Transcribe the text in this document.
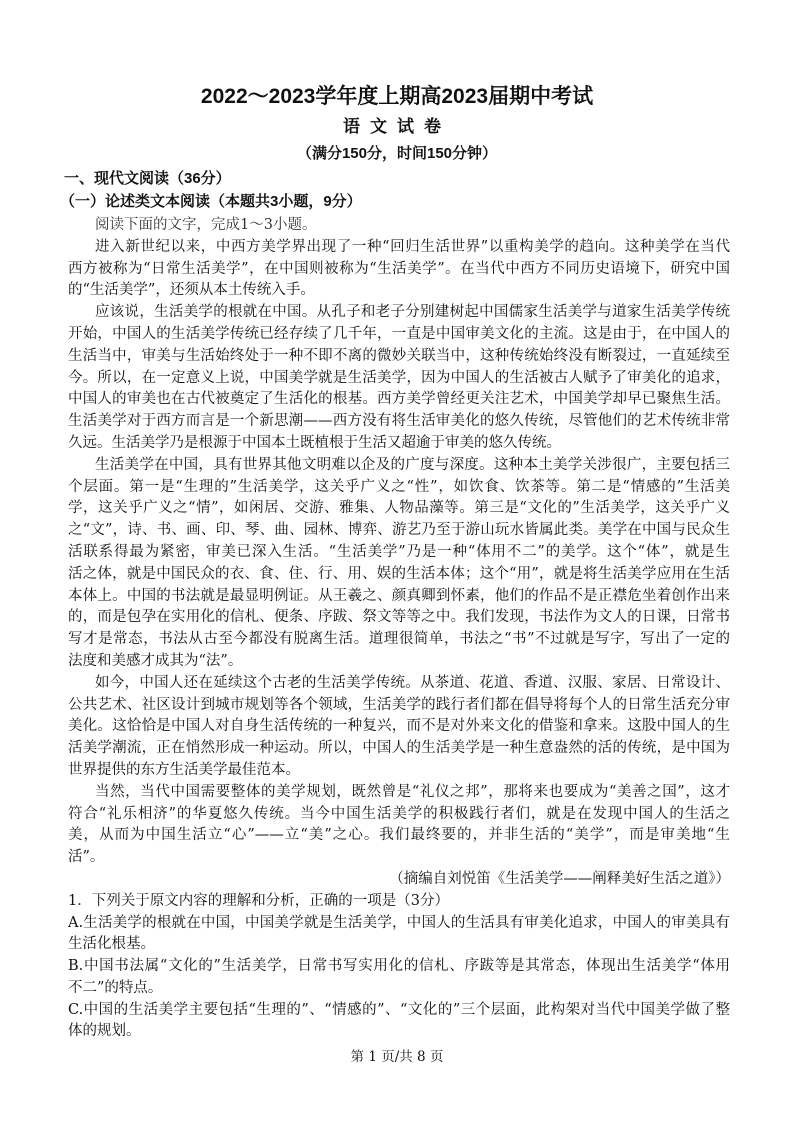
2022～2023学年度上期高2023届期中考试
语文试卷
（满分150分，时间150分钟）
一、现代文阅读（36分）
（一）论述类文本阅读（本题共3小题，9分）
阅读下面的文字，完成1～3小题。
进入新世纪以来，中西方美学界出现了一种“回归生活世界”以重构美学的趋向。这种美学在当代
西方被称为“日常生活美学”，在中国则被称为“生活美学”。在当代中西方不同历史语境下，研究中国
的“生活美学”，还须从本土传统入手。
应该说，生活美学的根就在中国。从孔子和老子分别建树起中国儒家生活美学与道家生活美学传统
开始，中国人的生活美学传统已经存续了几千年，一直是中国审美文化的主流。这是由于，在中国人的
生活当中，审美与生活始终处于一种不即不离的微妙关联当中，这种传统始终没有断裂过，一直延续至
今。所以，在一定意义上说，中国美学就是生活美学，因为中国人的生活被古人赋予了审美化的追求，
中国人的审美也在古代被奠定了生活化的根基。西方美学曾经更关注艺术，中国美学却早已聚焦生活。
生活美学对于西方而言是一个新思潮——西方没有将生活审美化的悠久传统，尽管他们的艺术传统非常
久远。生活美学乃是根源于中国本土既植根于生活又超逾于审美的悠久传统。
生活美学在中国，具有世界其他文明难以企及的广度与深度。这种本土美学关涉很广，主要包括三
个层面。第一是“生理的”生活美学，这关乎广义之“性”，如饮食、饮茶等。第二是“情感的”生活美
学，这关乎广义之“情”，如闲居、交游、雅集、人物品藻等。第三是“文化的”生活美学，这关乎广义
之“文”，诗、书、画、印、琴、曲、园林、博弈、游艺乃至于游山玩水皆属此类。美学在中国与民众生
活联系得最为紧密，审美已深入生活。“生活美学”乃是一种“体用不二”的美学。这个“体”，就是生
活之体，就是中国民众的衣、食、住、行、用、娱的生活本体；这个“用”，就是将生活美学应用在生活
本体上。中国的书法就是最显明例证。从王羲之、颜真卿到怀素，他们的作品不是正襟危坐着创作出来
的，而是包孕在实用化的信札、便条、序跋、祭文等等之中。我们发现，书法作为文人的日课，日常书
写才是常态，书法从古至今都没有脱离生活。道理很简单，书法之“书”不过就是写字，写出了一定的
法度和美感才成其为“法”。
如今，中国人还在延续这个古老的生活美学传统。从茶道、花道、香道、汉服、家居、日常设计、
公共艺术、社区设计到城市规划等各个领域，生活美学的践行者们都在倡导将每个人的日常生活充分审
美化。这恰恰是中国人对自身生活传统的一种复兴，而不是对外来文化的借鉴和拿来。这股中国人的生
活美学潮流，正在悄然形成一种运动。所以，中国人的生活美学是一种生意盎然的活的传统，是中国为
世界提供的东方生活美学最佳范本。
当然，当代中国需要整体的美学规划，既然曾是“礼仪之邦”，那将来也要成为“美善之国”，这才
符合“礼乐相济”的华夏悠久传统。当今中国生活美学的积极践行者们，就是在发现中国人的生活之
美，从而为中国生活立“心”——立“美”之心。我们最终要的，并非生活的“美学”，而是审美地“生
活”。
（摘编自刘悦笛《生活美学——阐释美好生活之道》）
1．下列关于原文内容的理解和分析，正确的一项是（3分）
A.生活美学的根就在中国，中国美学就是生活美学，中国人的生活具有审美化追求，中国人的审美具有
生活化根基。
B.中国书法属“文化的”生活美学，日常书写实用化的信札、序跋等是其常态，体现出生活美学“体用
不二”的特点。
C.中国的生活美学主要包括“生理的”、“情感的”、“文化的”三个层面，此构架对当代中国美学做了整
体的规划。
第 1 页/共 8 页
